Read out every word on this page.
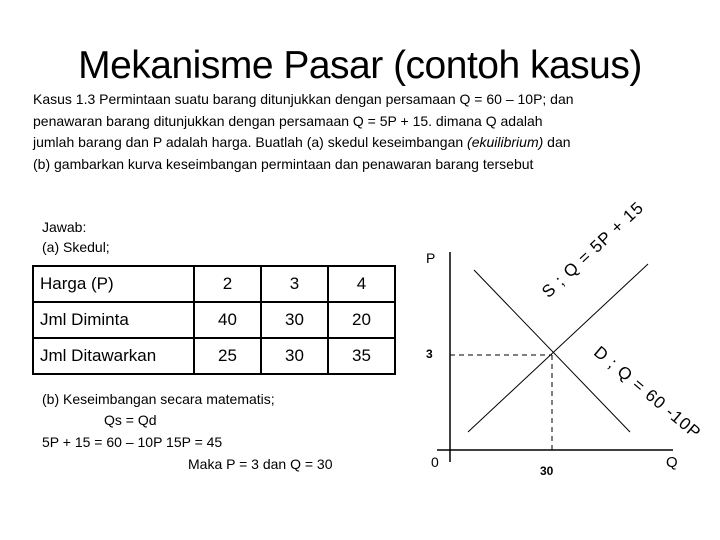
Mekanisme Pasar (contoh kasus)
Kasus 1.3 Permintaan suatu barang ditunjukkan dengan persamaan Q = 60 – 10P; dan
penawaran barang ditunjukkan dengan persamaan Q = 5P + 15. dimana Q adalah
jumlah barang dan P adalah harga. Buatlah (a) skedul keseimbangan (ekuilibrium) dan
(b) gambarkan kurva keseimbangan permintaan dan penawaran barang tersebut
Jawab:
(a) Skedul;
Harga (P)	2	3	4
Jml Diminta	40	30	20
Jml Ditawarkan	25	30	35
(b) Keseimbangan secara matematis;
Qs = Qd
5P + 15 = 60 – 10P 15P = 45
Maka P = 3 dan Q = 30
P
3
0
30	Q
S ; Q = 5P + 15
D ; Q = 60 -10P
